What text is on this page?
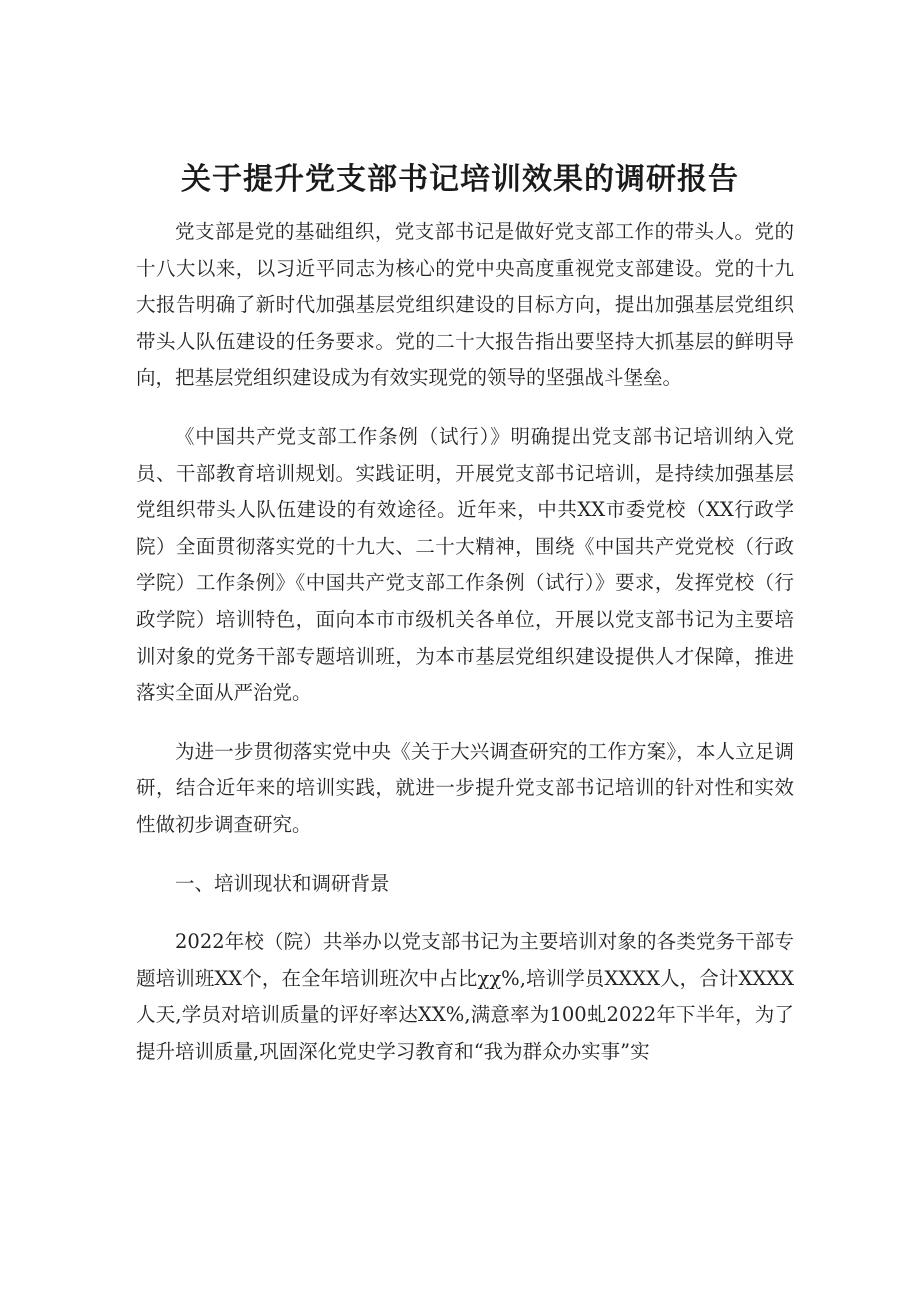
关于提升党支部书记培训效果的调研报告

党支部是党的基础组织，党支部书记是做好党支部工作的带头人。党的十八大以来，以习近平同志为核心的党中央高度重视党支部建设。党的十九大报告明确了新时代加强基层党组织建设的目标方向，提出加强基层党组织带头人队伍建设的任务要求。党的二十大报告指出要坚持大抓基层的鲜明导向，把基层党组织建设成为有效实现党的领导的坚强战斗堡垒。

《中国共产党支部工作条例（试行）》明确提出党支部书记培训纳入党员、干部教育培训规划。实践证明，开展党支部书记培训，是持续加强基层党组织带头人队伍建设的有效途径。近年来，中共XX市委党校（XX行政学院）全面贯彻落实党的十九大、二十大精神，围绕《中国共产党党校（行政学院）工作条例》《中国共产党支部工作条例（试行）》要求，发挥党校（行政学院）培训特色，面向本市市级机关各单位，开展以党支部书记为主要培训对象的党务干部专题培训班，为本市基层党组织建设提供人才保障，推进落实全面从严治党。

为进一步贯彻落实党中央《关于大兴调查研究的工作方案》，本人立足调研，结合近年来的培训实践，就进一步提升党支部书记培训的针对性和实效性做初步调查研究。

一、培训现状和调研背景

2022年校（院）共举办以党支部书记为主要培训对象的各类党务干部专题培训班XX个，在全年培训班次中占比χχ%,培训学员XXXX人，合计XXXX人天,学员对培训质量的评好率达XX%,满意率为100虬2022年下半年，为了提升培训质量,巩固深化党史学习教育和“我为群众办实事”实
